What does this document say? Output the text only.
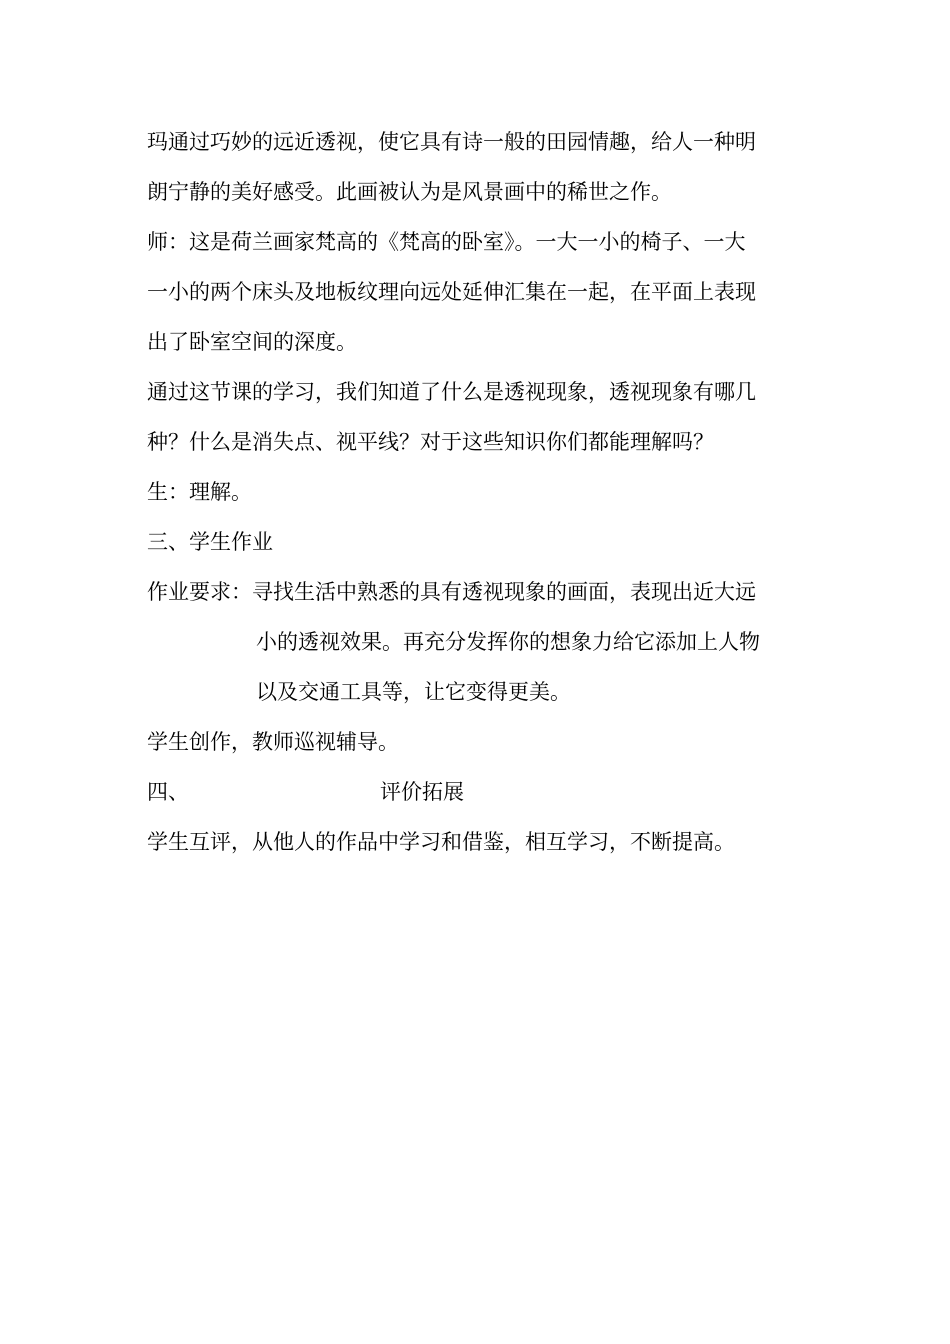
玛通过巧妙的远近透视，使它具有诗一般的田园情趣，给人一种明
朗宁静的美好感受。此画被认为是风景画中的稀世之作。
师：这是荷兰画家梵高的《梵高的卧室》。一大一小的椅子、一大
一小的两个床头及地板纹理向远处延伸汇集在一起，在平面上表现
出了卧室空间的深度。
通过这节课的学习，我们知道了什么是透视现象，透视现象有哪几
种？什么是消失点、视平线？对于这些知识你们都能理解吗？
生：理解。
三、学生作业
作业要求：寻找生活中熟悉的具有透视现象的画面，表现出近大远
小的透视效果。再充分发挥你的想象力给它添加上人物
以及交通工具等，让它变得更美。
学生创作，教师巡视辅导。
四、	评价拓展
学生互评，从他人的作品中学习和借鉴，相互学习，不断提高。
